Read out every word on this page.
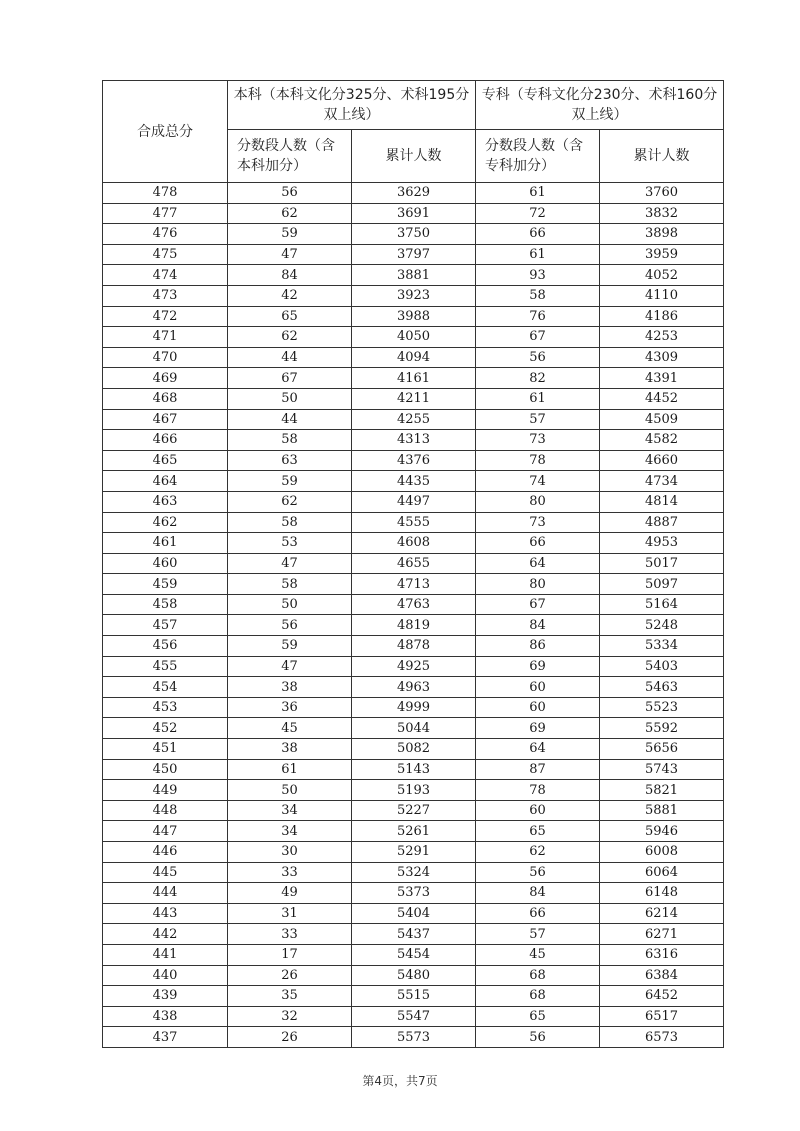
合成总分	本科（本科文化分325分、术科195分双上线）		专科（专科文化分230分、术科160分双上线）	

	分数段人数（含本科加分）	累计人数	分数段人数（含专科加分）	累计人数
478	56	3629	61	3760
477	62	3691	72	3832
476	59	3750	66	3898
475	47	3797	61	3959
474	84	3881	93	4052
473	42	3923	58	4110
472	65	3988	76	4186
471	62	4050	67	4253
470	44	4094	56	4309
469	67	4161	82	4391
468	50	4211	61	4452
467	44	4255	57	4509
466	58	4313	73	4582
465	63	4376	78	4660
464	59	4435	74	4734
463	62	4497	80	4814
462	58	4555	73	4887
461	53	4608	66	4953
460	47	4655	64	5017
459	58	4713	80	5097
458	50	4763	67	5164
457	56	4819	84	5248
456	59	4878	86	5334
455	47	4925	69	5403
454	38	4963	60	5463
453	36	4999	60	5523
452	45	5044	69	5592
451	38	5082	64	5656
450	61	5143	87	5743
449	50	5193	78	5821
448	34	5227	60	5881
447	34	5261	65	5946
446	30	5291	62	6008
445	33	5324	56	6064
444	49	5373	84	6148
443	31	5404	66	6214
442	33	5437	57	6271
441	17	5454	45	6316
440	26	5480	68	6384
439	35	5515	68	6452
438	32	5547	65	6517
437	26	5573	56	6573
第4页，共7页
